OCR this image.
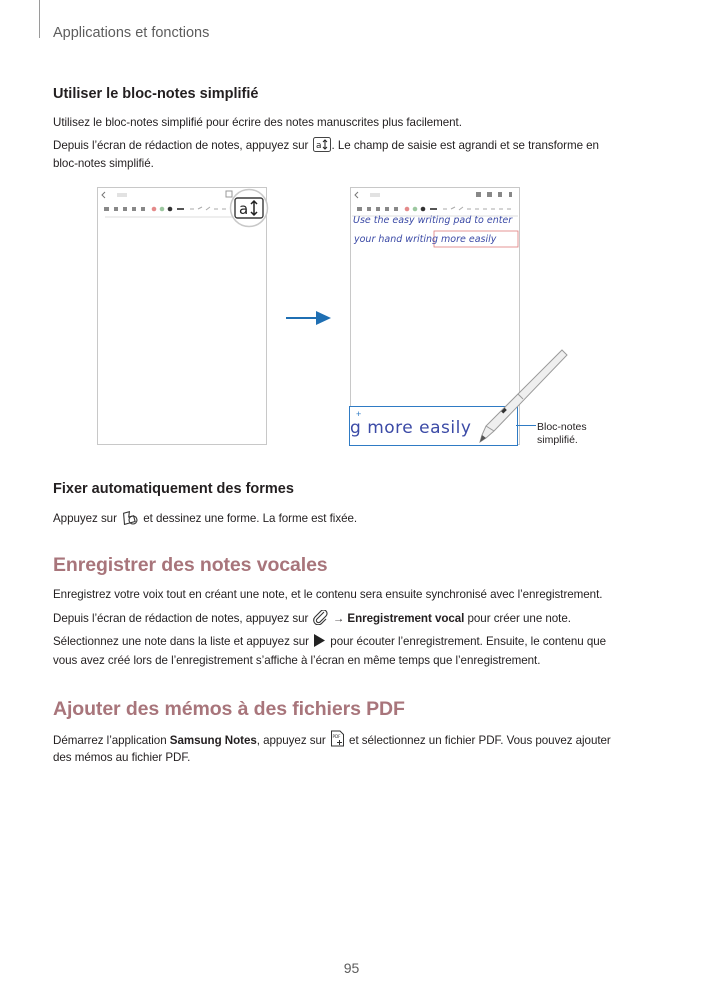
Applications et fonctions
Utiliser le bloc-notes simplifié
Utilisez le bloc-notes simplifié pour écrire des notes manuscrites plus facilement.
Depuis l’écran de rédaction de notes, appuyez sur a . Le champ de saisie est agrandi et se transforme en
bloc-notes simplifié.
a
Use the easy writing pad to enter
your hand writing more easily
+
g more easily	Bloc-notes
simplifié.
Fixer automatiquement des formes
Appuyez sur  et dessinez une forme. La forme est fixée.
Enregistrer des notes vocales
Enregistrez votre voix tout en créant une note, et le contenu sera ensuite synchronisé avec l’enregistrement.
Depuis l’écran de rédaction de notes, appuyez sur  → Enregistrement vocal pour créer une note.
Sélectionnez une note dans la liste et appuyez sur  pour écouter l’enregistrement. Ensuite, le contenu que
vous avez créé lors de l’enregistrement s’affiche à l’écran en même temps que l’enregistrement.
Ajouter des mémos à des fichiers PDF
Démarrez l’application Samsung Notes, appuyez sur PDF et sélectionnez un fichier PDF. Vous pouvez ajouter
des mémos au fichier PDF.
95
